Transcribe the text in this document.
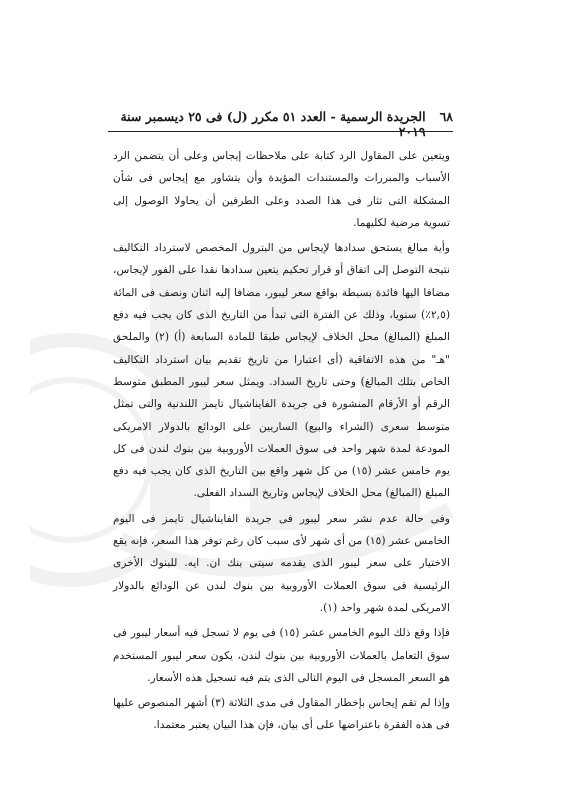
٦٨
الجريدة الرسمية - العدد ٥١ مكرر (ل) فى ٢٥ ديسمبر سنة ٢٠١٩

ويتعين على المقاول الرد كتابة على ملاحظات إيجاس وعلى أن يتضمن الرد الأسباب والمبررات والمستندات المؤيدة وأن يتشاور مع إيجاس فى شأن المشكلة التى تثار فى هذا الصدد وعلى الطرفين أن يحاولا الوصول إلى تسوية مرضية لكليهما.

وأية مبالغ يستحق سدادها لإيجاس من البترول المخصص لاسترداد التكاليف نتيجة التوصل إلى اتفاق أو قرار تحكيم يتعين سدادها نقدا على الفور لإيجاس، مضافا اليها فائدة بسيطة بواقع سعر ليبور، مضافا إليه اثنان ونصف فى المائة (٢,٥٪) سنويا، وذلك عن الفترة التى تبدأ من التاريخ الذى كان يجب فيه دفع المبلغ (المبالغ) محل الخلاف لإيجاس طبقا للمادة السابعة (أ) (٢) والملحق "هـ" من هذه الاتفاقية (أى اعتبارا من تاريخ تقديم بيان استرداد التكاليف الخاص بتلك المبالغ) وحتى تاريخ السداد. ويمثل سعر ليبور المطبق متوسط الرقم أو الأرقام المنشورة فى جريدة الفايناشيال تايمز اللندنية والتى تمثل متوسط سعرى (الشراء والبيع) الساريين على الودائع بالدولار الامريكى المودعة لمدة شهر واحد فى سوق العملات الأوروبية بين بنوك لندن فى كل يوم خامس عشر (١٥) من كل شهر واقع بين التاريخ الذى كان يجب فيه دفع المبلغ (المبالغ) محل الخلاف لإيجاس وتاريخ السداد الفعلى.

وفى حالة عدم نشر سعر ليبور فى جريدة الفايناشيال تايمز فى اليوم الخامس عشر (١٥) من أى شهر لأى سبب كان رغم توفر هذا السعر، فإنه يقع الاختيار على سعر ليبور الذى يقدمه سيتى بنك ان. ايه. للبنوك الأخرى الرئيسية فى سوق العملات الأوروبية بين بنوك لندن عن الودائع بالدولار الامريكى لمدة شهر واحد (١).

فإذا وقع ذلك اليوم الخامس عشر (١٥) فى يوم لا تسجل فيه أسعار ليبور فى سوق التعامل بالعملات الأوروبية بين بنوك لندن، يكون سعر ليبور المستخدم هو السعر المسجل فى اليوم التالى الذى يتم فيه تسجيل هذه الأسعار.

وإذا لم تقم إيجاس بإخطار المقاول فى مدى الثلاثة (٣) أشهر المنصوص عليها فى هذه الفقرة باعتراضها على أى بيان، فإن هذا البيان يعتبر معتمدا.
